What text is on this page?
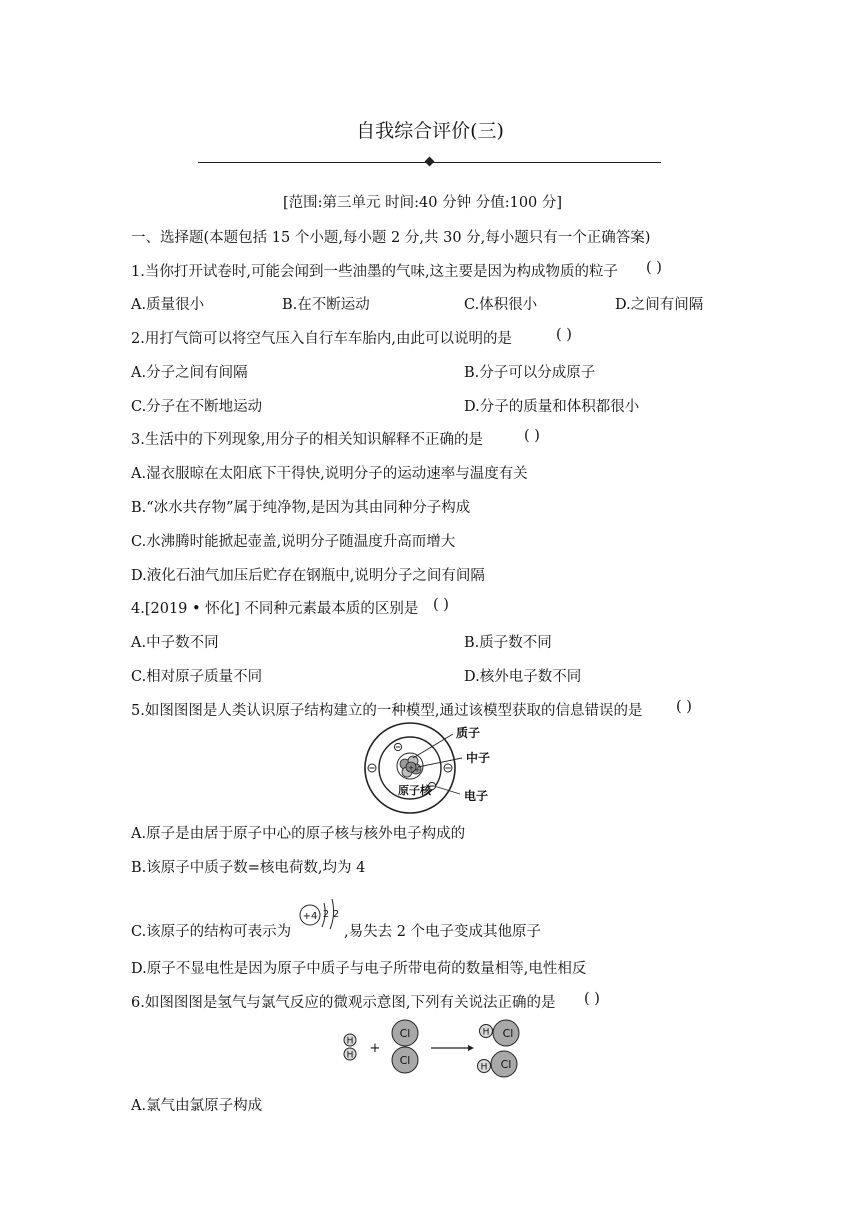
自我综合评价(三)
[范围:第三单元 时间:40 分钟 分值:100 分]
一、选择题(本题包括 15 个小题,每小题 2 分,共 30 分,每小题只有一个正确答案)
1.当你打开试卷时,可能会闻到一些油墨的气味,这主要是因为构成物质的粒子 ( )
A.质量很小	B.在不断运动	C.体积很小	D.之间有间隔
2.用打气筒可以将空气压入自行车车胎内,由此可以说明的是	( )
A.分子之间有间隔	B.分子可以分成原子
C.分子在不断地运动	D.分子的质量和体积都很小
3.生活中的下列现象,用分子的相关知识解释不正确的是	( )
A.湿衣服晾在太阳底下干得快,说明分子的运动速率与温度有关
B.“冰水共存物”属于纯净物,是因为其由同种分子构成
C.水沸腾时能掀起壶盖,说明分子随温度升高而增大
D.液化石油气加压后贮存在钢瓶中,说明分子之间有间隔
4.[2019 • 怀化] 不同种元素最本质的区别是 ( )
A.中子数不同	B.质子数不同
C.相对原子质量不同	D.核外电子数不同
5.如图图图是人类认识原子结构建立的一种模型,通过该模型获取的信息错误的是 ( )
+ +
质子
中子
电子
原子核
A.原子是由居于原子中心的原子核与核外电子构成的
B.该原子中质子数=核电荷数,均为 4
C.该原子的结构可表示为
+4 2 2
,易失去 2 个电子变成其他原子
D.原子不显电性是因为原子中质子与电子所带电荷的数量相等,电性相反
6.如图图图是氢气与氯气反应的微观示意图,下列有关说法正确的是 ( )
H
H +
Cl
Cl
H Cl
H Cl
A.氯气由氯原子构成
